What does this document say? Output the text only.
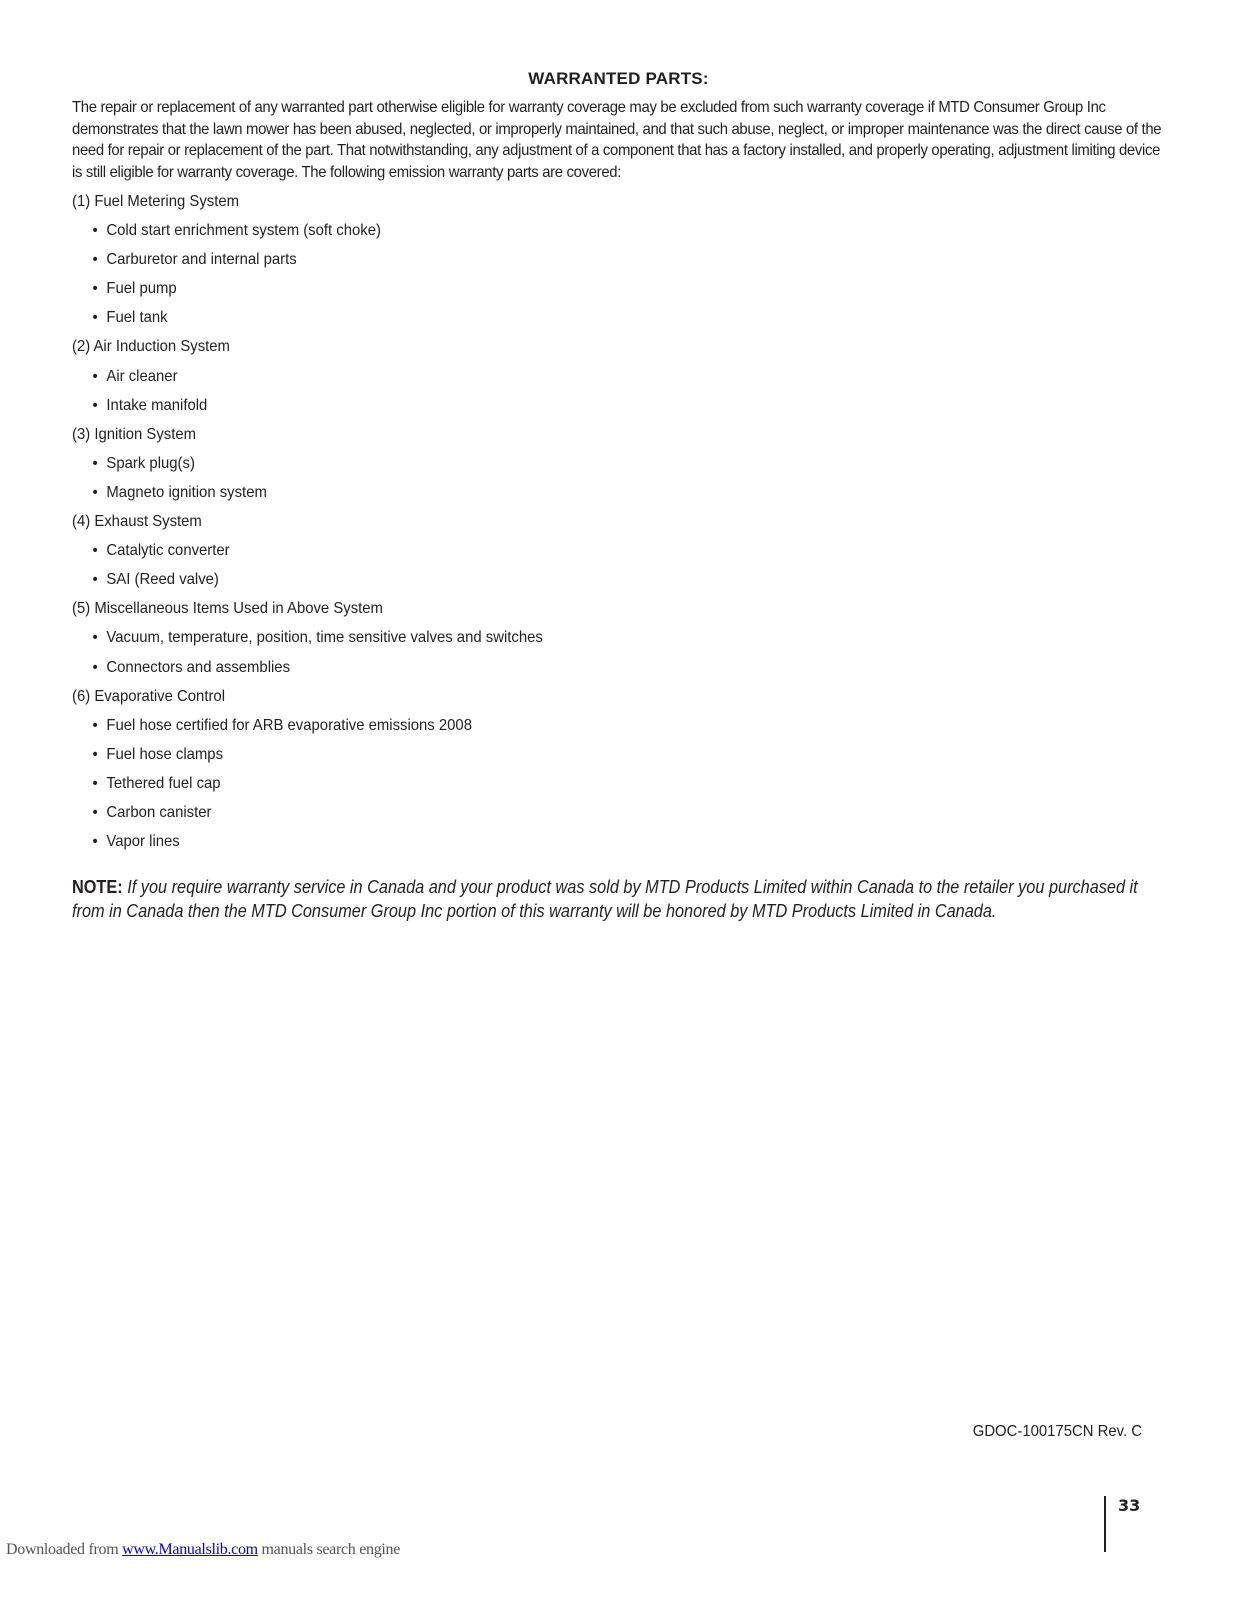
WARRANTED PARTS:
The repair or replacement of any warranted part otherwise eligible for warranty coverage may be excluded from such warranty coverage if MTD Consumer Group Inc demonstrates that the lawn mower has been abused, neglected, or improperly maintained, and that such abuse, neglect, or improper maintenance was the direct cause of the need for repair or replacement of the part. That notwithstanding, any adjustment of a component that has a factory installed, and properly operating, adjustment limiting device is still eligible for warranty coverage. The following emission warranty parts are covered:
(1) Fuel Metering System
• Cold start enrichment system (soft choke)
• Carburetor and internal parts
• Fuel pump
• Fuel tank
(2) Air Induction System
• Air cleaner
• Intake manifold
(3) Ignition System
• Spark plug(s)
• Magneto ignition system
(4) Exhaust System
• Catalytic converter
• SAI (Reed valve)
(5) Miscellaneous Items Used in Above System
• Vacuum, temperature, position, time sensitive valves and switches
• Connectors and assemblies
(6) Evaporative Control
• Fuel hose certified for ARB evaporative emissions 2008
• Fuel hose clamps
• Tethered fuel cap
• Carbon canister
• Vapor lines
NOTE: If you require warranty service in Canada and your product was sold by MTD Products Limited within Canada to the retailer you purchased it from in Canada then the MTD Consumer Group Inc portion of this warranty will be honored by MTD Products Limited in Canada.
GDOC-100175CN Rev. C
33
Downloaded from www.Manualslib.com manuals search engine
